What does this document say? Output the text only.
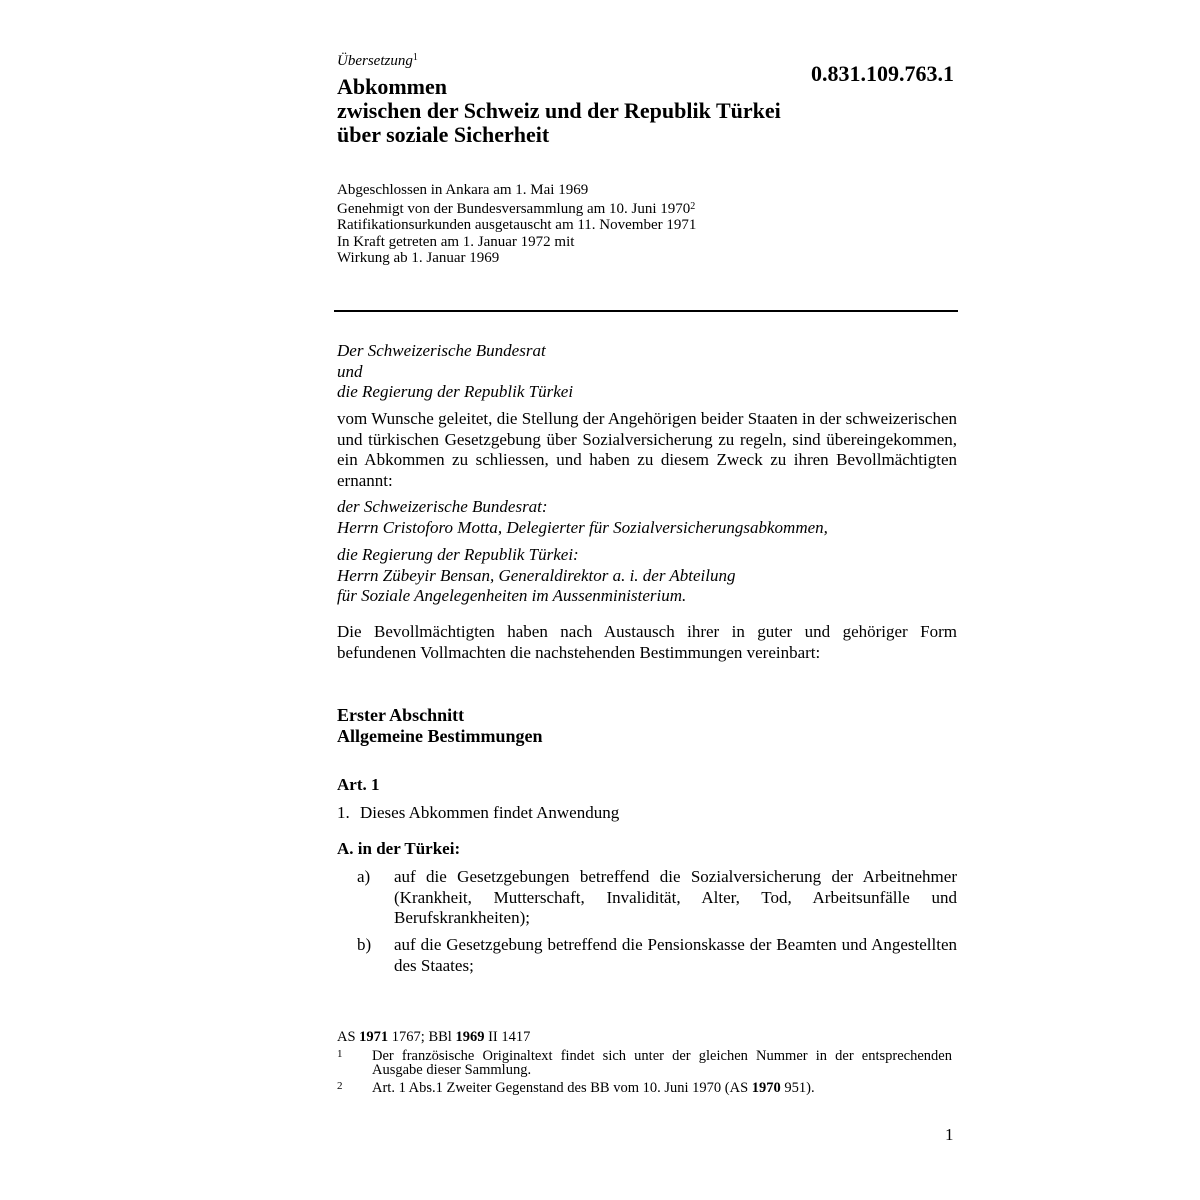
Übersetzung$^1$
0.831.109.763.1
Abkommen
zwischen der Schweiz und der Republik Türkei
über soziale Sicherheit
Abgeschlossen in Ankara am 1. Mai 1969
Genehmigt von der Bundesversammlung am 10. Juni 1970$^2$
Ratifikationsurkunden ausgetauscht am 11. November 1971
In Kraft getreten am 1. Januar 1972 mit
Wirkung ab 1. Januar 1969
Der Schweizerische Bundesrat
und
die Regierung der Republik Türkei
vom Wunsche geleitet, die Stellung der Angehörigen beider Staaten in der schweizerischen und türkischen Gesetzgebung über Sozialversicherung zu regeln, sind übereingekommen, ein Abkommen zu schliessen, und haben zu diesem Zweck zu ihren Bevollmächtigten ernannt:
der Schweizerische Bundesrat:
Herrn Cristoforo Motta, Delegierter für Sozialversicherungsabkommen,
die Regierung der Republik Türkei:
Herrn Zübeyir Bensan, Generaldirektor a. i. der Abteilung
für Soziale Angelegenheiten im Aussenministerium.
Die Bevollmächtigten haben nach Austausch ihrer in guter und gehöriger Form befundenen Vollmachten die nachstehenden Bestimmungen vereinbart:
Erster Abschnitt
Allgemeine Bestimmungen
Art. 1
1. Dieses Abkommen findet Anwendung
A. in der Türkei:
a) auf die Gesetzgebungen betreffend die Sozialversicherung der Arbeitnehmer (Krankheit, Mutterschaft, Invalidität, Alter, Tod, Arbeitsunfälle und Berufskrankheiten);
b) auf die Gesetzgebung betreffend die Pensionskasse der Beamten und Angestellten des Staates;
AS 1971 1767; BBl 1969 II 1417
1 Der französische Originaltext findet sich unter der gleichen Nummer in der entsprechenden Ausgabe dieser Sammlung.
2 Art. 1 Abs.1 Zweiter Gegenstand des BB vom 10. Juni 1970 (AS 1970 951).
1
